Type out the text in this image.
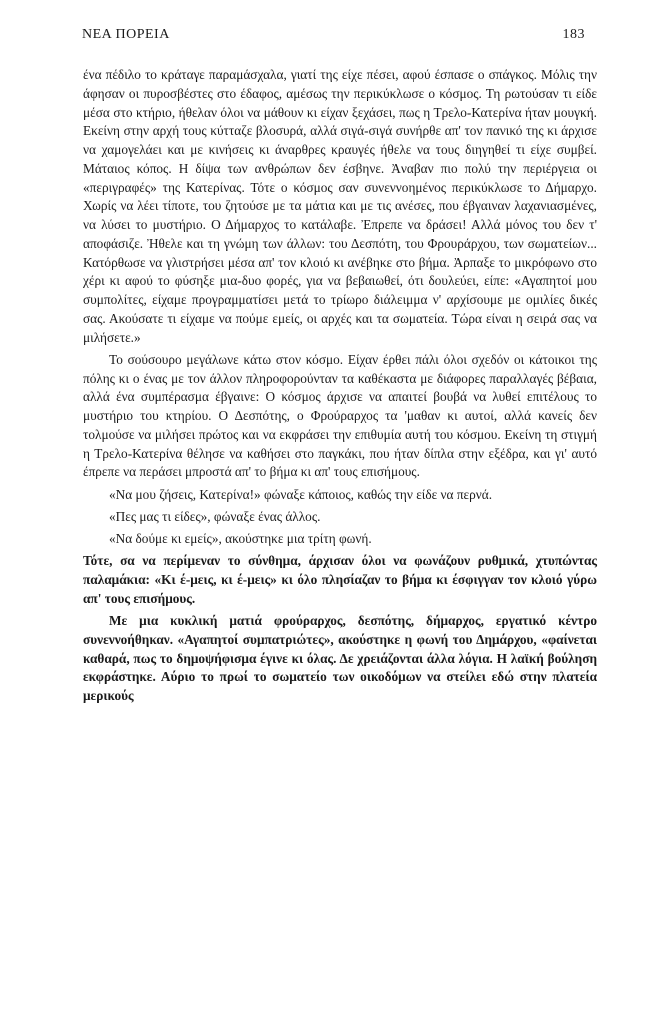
ΝΕΑ ΠΟΡΕΙΑ	183

ένα πέδιλο το κράταγε παραμάσχαλα, γιατί της είχε πέσει, αφού έσπασε ο σπάγκος. Μόλις την άφησαν οι πυροσβέστες στο έδαφος, αμέσως την περικύκλωσε ο κόσμος. Τη ρωτούσαν τι είδε μέσα στο κτήριο, ήθελαν όλοι να μάθουν κι είχαν ξεχάσει, πως η Τρελο-Κατερίνα ήταν μουγκή. Εκείνη στην αρχή τους κύτταζε βλοσυρά, αλλά σιγά-σιγά συνήρθε απ' τον πανικό της κι άρχισε να χαμογελάει και με κινήσεις κι άναρθρες κραυγές ήθελε να τους διηγηθεί τι είχε συμβεί. Μάταιος κόπος. Η δίψα των ανθρώπων δεν έσβηνε. Ἀναβαν πιο πολύ την περιέργεια οι «περιγραφές» της Κατερίνας. Τότε ο κόσμος σαν συνεννοημένος περικύκλωσε το Δήμαρχο. Χωρίς να λέει τίποτε, του ζητούσε με τα μάτια και με τις ανέσες, που έβγαιναν λαχανιασμένες, να λύσει το μυστήριο. Ο Δήμαρχος το κατάλαβε. Ἐπρεπε να δράσει! Αλλά μόνος του δεν τ' αποφάσιζε. Ἠθελε και τη γνώμη των άλλων: του Δεσπότη, του Φρουράρχου, των σωματείων... Κατόρθωσε να γλιστρήσει μέσα απ' τον κλοιό κι ανέβηκε στο βήμα. Ἀρπαξε το μικρόφωνο στο χέρι κι αφού το φύσηξε μια-δυο φορές, για να βεβαιωθεί, ότι δουλεύει, είπε: «Αγαπητοί μου συμπολίτες, είχαμε προγραμματίσει μετά το τρίωρο διάλειμμα ν' αρχίσουμε με ομιλίες δικές σας. Ακούσατε τι είχαμε να πούμε εμείς, οι αρχές και τα σωματεία. Τώρα είναι η σειρά σας να μιλήσετε.»

Το σούσουρο μεγάλωνε κάτω στον κόσμο. Είχαν έρθει πάλι όλοι σχεδόν οι κάτοικοι της πόλης κι ο ένας με τον άλλον πληροφορούνταν τα καθέκαστα με διάφορες παραλλαγές βέβαια, αλλά ένα συμπέρασμα έβγαινε: Ο κόσμος άρχισε να απαιτεί βουβά να λυθεί επιτέλους το μυστήριο του κτηρίου. Ο Δεσπότης, ο Φρούραρχος τα 'μαθαν κι αυτοί, αλλά κανείς δεν τολμούσε να μιλήσει πρώτος και να εκφράσει την επιθυμία αυτή του κόσμου. Εκείνη τη στιγμή η Τρελο-Κατερίνα θέλησε να καθήσει στο παγκάκι, που ήταν δίπλα στην εξέδρα, και γι' αυτό έπρεπε να περάσει μπροστά απ' το βήμα κι απ' τους επισήμους.

«Να μου ζήσεις, Κατερίνα!» φώναξε κάποιος, καθώς την είδε να περνά.

«Πες μας τι είδες», φώναξε ένας άλλος.

«Να δούμε κι εμείς», ακούστηκε μια τρίτη φωνή.

Τότε, σα να περίμεναν το σύνθημα, άρχισαν όλοι να φωνάζουν ρυθμικά, χτυπώντας παλαμάκια: «Κι έ-μεις, κι έ-μεις» κι όλο πλησίαζαν το βήμα κι έσφιγγαν τον κλοιό γύρω απ' τους επισήμους.

Με μια κυκλική ματιά φρούραρχος, δεσπότης, δήμαρχος, εργατικό κέντρο συνεννοήθηκαν. «Αγαπητοί συμπατριώτες», ακούστηκε η φωνή του Δημάρχου, «φαίνεται καθαρά, πως το δημοψήφισμα έγινε κι όλας. Δε χρειάζονται άλλα λόγια. Η λαϊκή βούληση εκφράστηκε. Αύριο το πρωί το σωματείο των οικοδόμων να στείλει εδώ στην πλατεία μερικούς
